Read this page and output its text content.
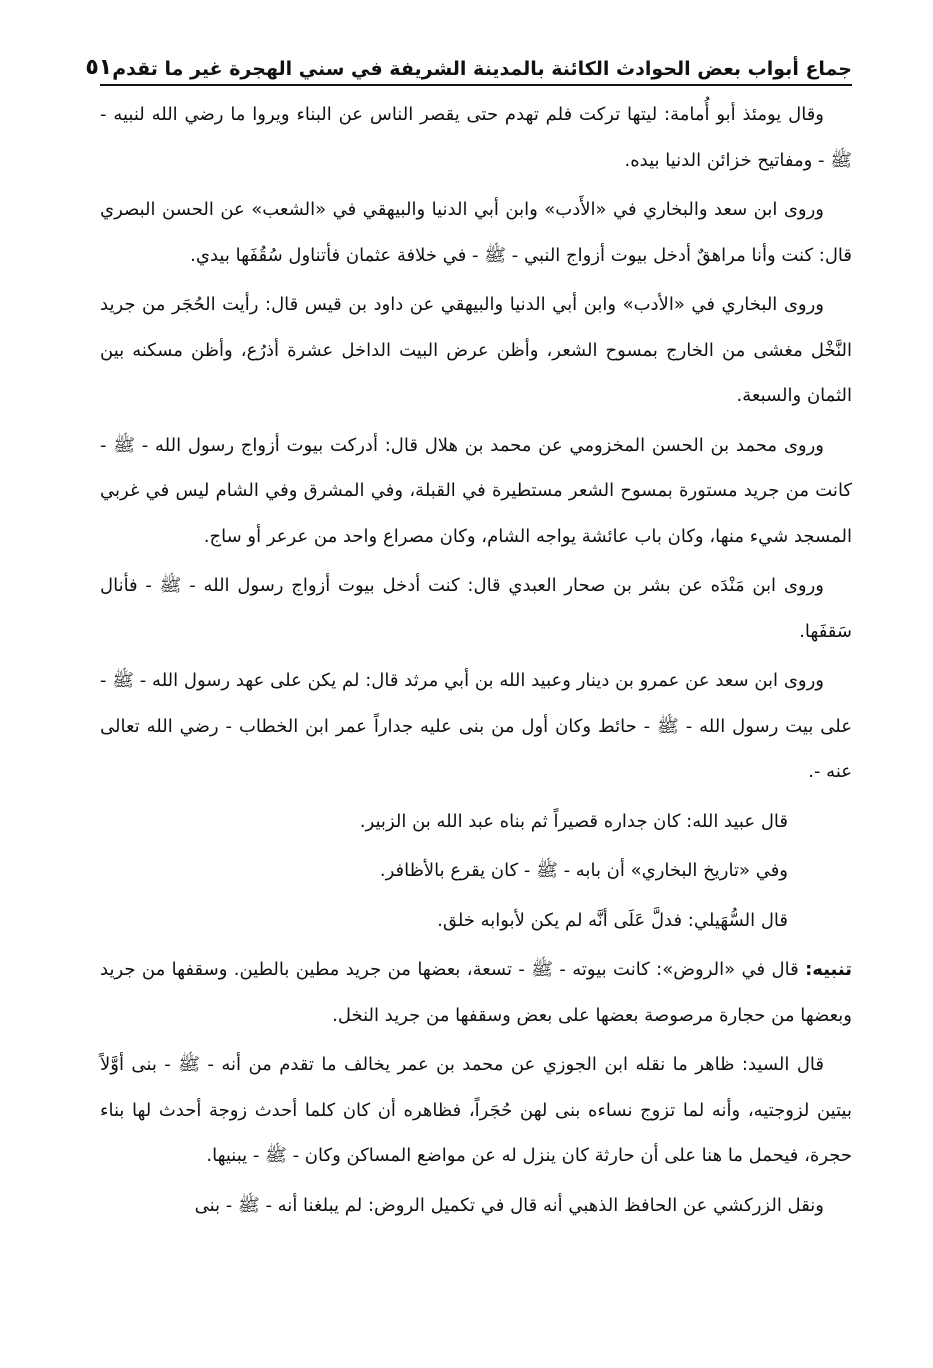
جماع أبواب بعض الحوادث الكائنة بالمدينة الشريفة في سني الهجرة غير ما تقدم
٥١

وقال يومئذ أبو أُمامة: ليتها تركت فلم تهدم حتى يقصر الناس عن البناء ويروا ما رضي الله لنبيه - ﷺ - ومفاتيح خزائن الدنيا بيده.

وروى ابن سعد والبخاري في «الأَدب» وابن أبي الدنيا والبيهقي في «الشعب» عن الحسن البصري قال: كنت وأنا مراهقٌ أدخل بيوت أزواج النبي - ﷺ - في خلافة عثمان فأتناول سُقُفَها بيدي.

وروى البخاري في «الأدب» وابن أبي الدنيا والبيهقي عن داود بن قيس قال: رأيت الحُجَر من جريد النَّخْل مغشى من الخارج بمسوح الشعر، وأظن عرض البيت الداخل عشرة أذرُع، وأظن مسكنه بين الثمان والسبعة.

وروى محمد بن الحسن المخزومي عن محمد بن هلال قال: أدركت بيوت أزواج رسول الله - ﷺ - كانت من جريد مستورة بمسوح الشعر مستطيرة في القبلة، وفي المشرق وفي الشام ليس في غربي المسجد شيء منها، وكان باب عائشة يواجه الشام، وكان مصراع واحد من عرعر أو ساج.

وروى ابن مَنْدَه عن بشر بن صحار العبدي قال: كنت أدخل بيوت أزواج رسول الله - ﷺ - فأنال سَقفَها.

وروى ابن سعد عن عمرو بن دينار وعبيد الله بن أبي مرثد قال: لم يكن على عهد رسول الله - ﷺ - على بيت رسول الله - ﷺ - حائط وكان أول من بنى عليه جداراً عمر ابن الخطاب - رضي الله تعالى عنه -.

قال عبيد الله: كان جداره قصيراً ثم بناه عبد الله بن الزبير.

وفي «تاريخ البخاري» أن بابه - ﷺ - كان يقرع بالأظافر.

قال السُّهَيلي: فدلَّ عَلَى أنَّه لم يكن لأبوابه خلق.

تنبيه: قال في «الروض»: كانت بيوته - ﷺ - تسعة، بعضها من جريد مطين بالطين. وسقفها من جريد وبعضها من حجارة مرصوصة بعضها على بعض وسقفها من جريد النخل.

قال السيد: ظاهر ما نقله ابن الجوزي عن محمد بن عمر يخالف ما تقدم من أنه - ﷺ - بنى أوَّلاً بيتين لزوجتيه، وأنه لما تزوج نساءه بنى لهن حُجَراً، فظاهره أن كان كلما أحدث زوجة أحدث لها بناء حجرة، فيحمل ما هنا على أن حارثة كان ينزل له عن مواضع المساكن وكان - ﷺ - يبنيها.

ونقل الزركشي عن الحافظ الذهبي أنه قال في تكميل الروض: لم يبلغنا أنه - ﷺ - بنى
